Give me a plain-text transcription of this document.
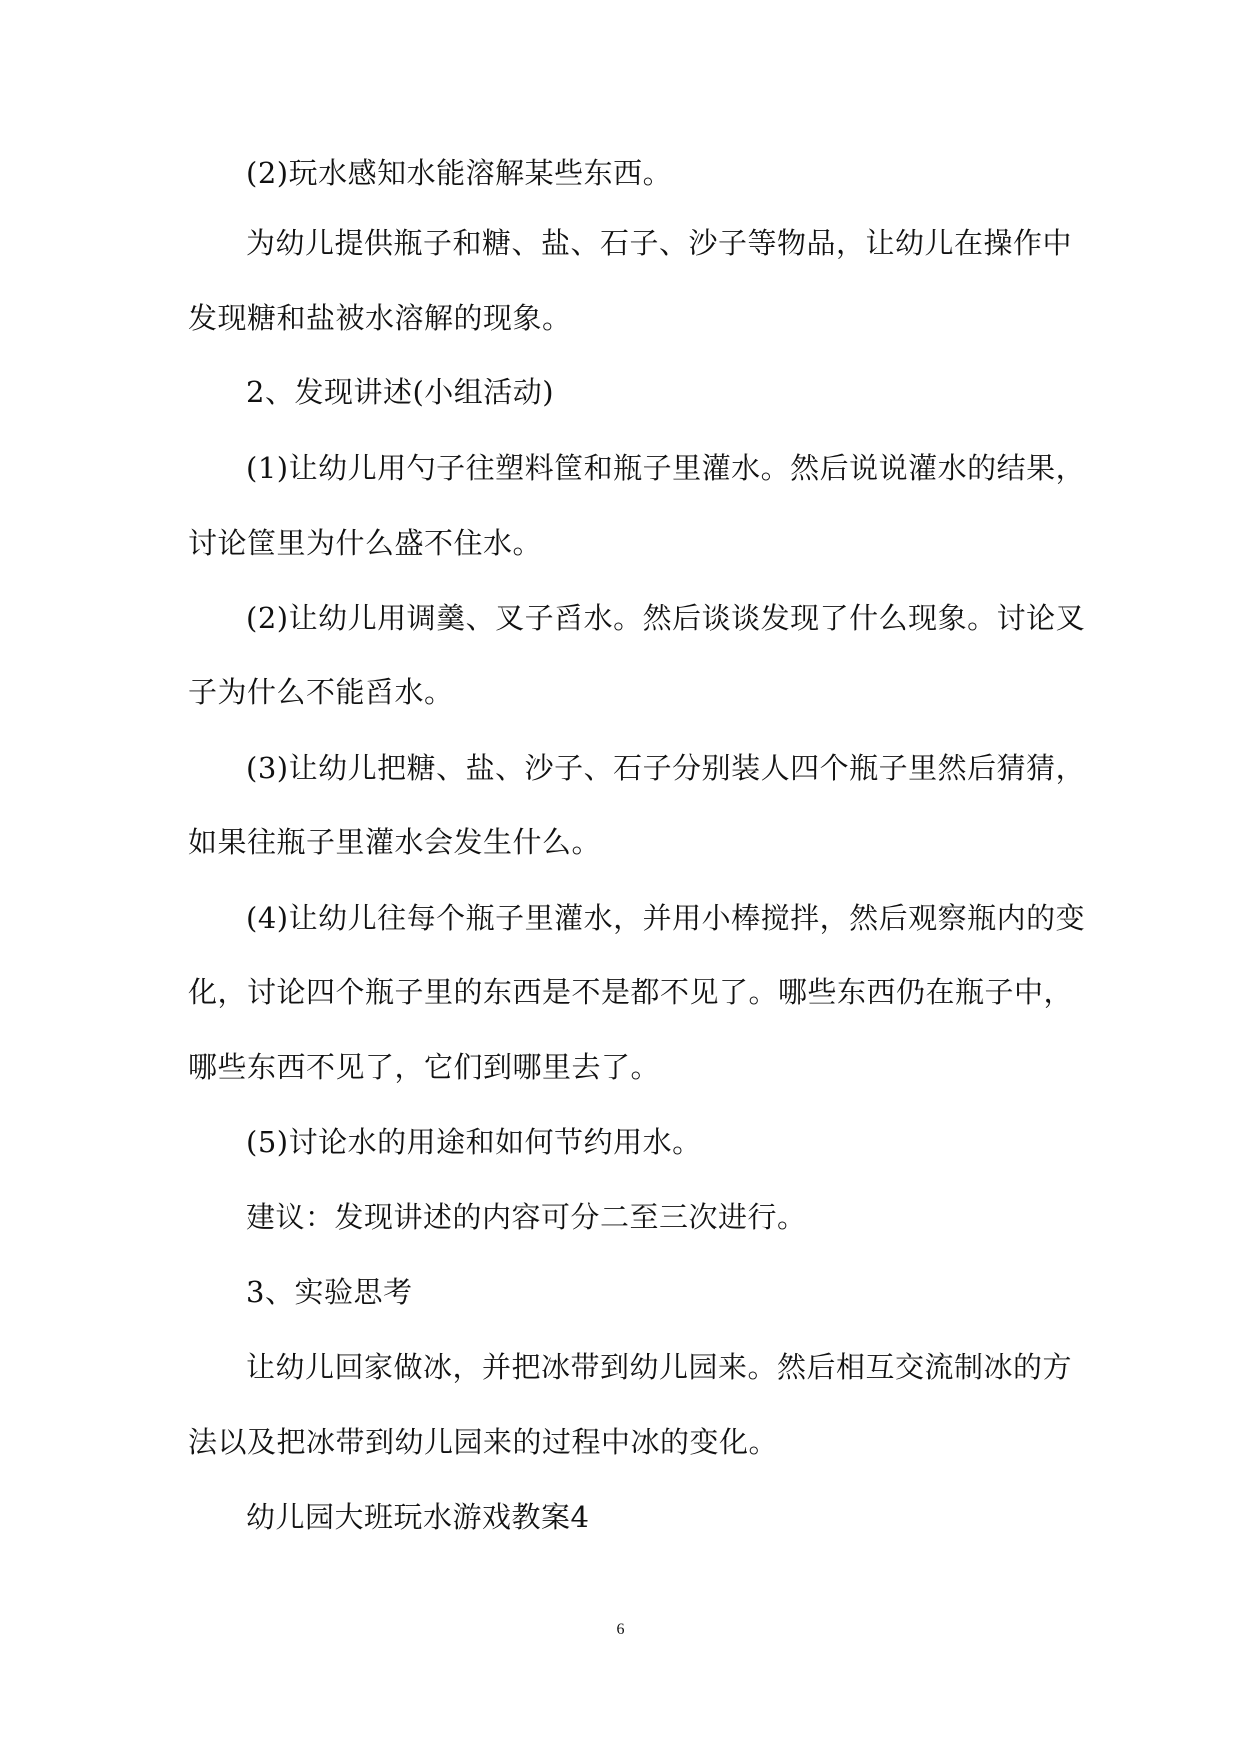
(2)玩水感知水能溶解某些东西。
为幼儿提供瓶子和糖、盐、石子、沙子等物品，让幼儿在操作中
发现糖和盐被水溶解的现象。
2、发现讲述(小组活动)
(1)让幼儿用勺子往塑料筐和瓶子里灌水。然后说说灌水的结果，
讨论筐里为什么盛不住水。
(2)让幼儿用调羹、叉子舀水。然后谈谈发现了什么现象。讨论叉
子为什么不能舀水。
(3)让幼儿把糖、盐、沙子、石子分别装人四个瓶子里然后猜猜，
如果往瓶子里灌水会发生什么。
(4)让幼儿往每个瓶子里灌水，并用小棒搅拌，然后观察瓶内的变
化，讨论四个瓶子里的东西是不是都不见了。哪些东西仍在瓶子中，
哪些东西不见了，它们到哪里去了。
(5)讨论水的用途和如何节约用水。
建议：发现讲述的内容可分二至三次进行。
3、实验思考
让幼儿回家做冰，并把冰带到幼儿园来。然后相互交流制冰的方
法以及把冰带到幼儿园来的过程中冰的变化。
幼儿园大班玩水游戏教案4
6
